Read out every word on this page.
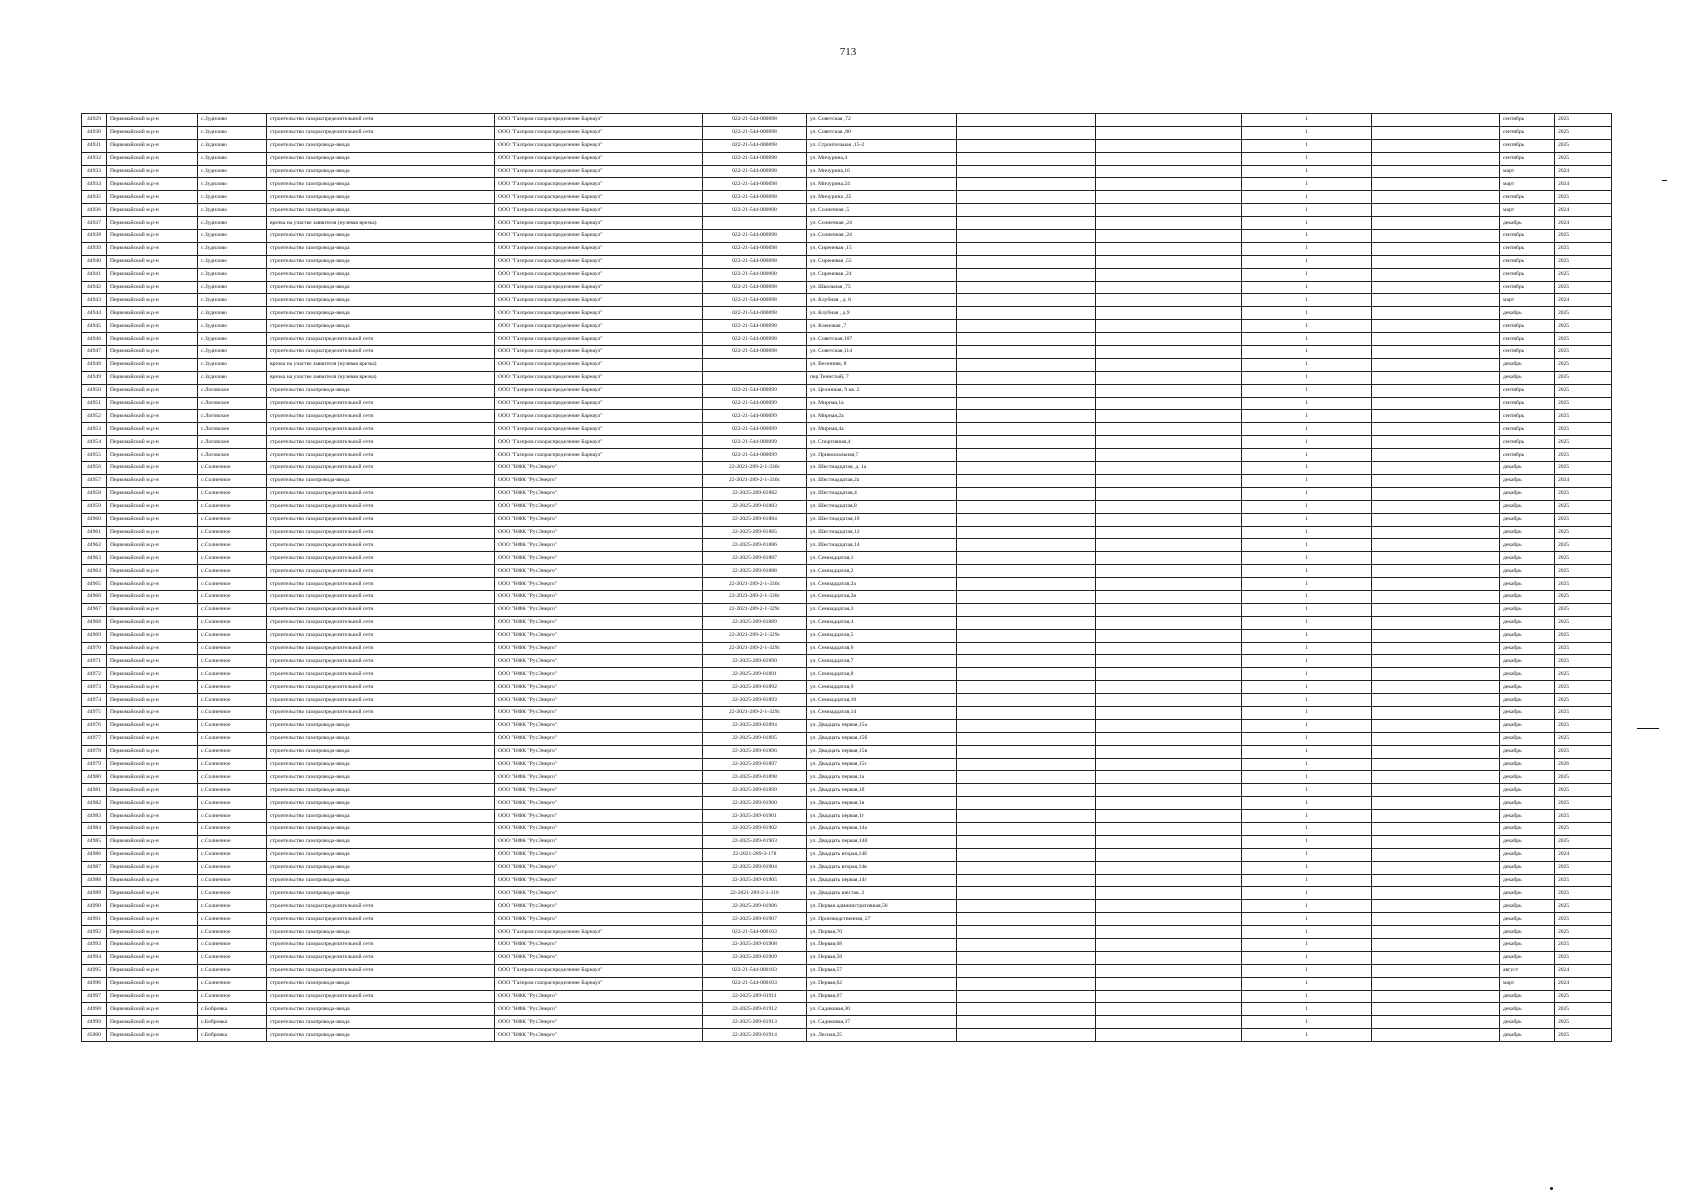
713
44929	Первомайский м.р-н	с.Зудилово	строительство газораспределительной сети	ООО "Газпром газораспределение Барнаул"	022-21-544-000098	ул. Советская ,72			1		сентябрь	2025
44930	Первомайский м.р-н	с.Зудилово	строительство газораспределительной сети	ООО "Газпром газораспределение Барнаул"	022-21-544-000098	ул. Советская ,80			1		сентябрь	2025
44931	Первомайский м.р-н	с.Зудилово	строительство газопровода-ввода	ООО "Газпром газораспределение Барнаул"	022-21-544-000098	ул. Строительная ,15-2			1		сентябрь	2025
44932	Первомайский м.р-н	с.Зудилово	строительство газопровода-ввода	ООО "Газпром газораспределение Барнаул"	022-21-544-000098	ул. Мичурина,4			1		сентябрь	2025
44933	Первомайский м.р-н	с.Зудилово	строительство газопровода-ввода	ООО "Газпром газораспределение Барнаул"	022-21-544-000098	ул. Мичурина,16			1		март	2024
44934	Первомайский м.р-н	с.Зудилово	строительство газопровода-ввода	ООО "Газпром газораспределение Барнаул"	022-21-544-000098	ул. Мичурина,24			1		март	2024
44935	Первомайский м.р-н	с.Зудилово	строительство газопровода-ввода	ООО "Газпром газораспределение Барнаул"	022-21-544-000098	ул. Мичурина ,35			1		сентябрь	2025
44936	Первомайский м.р-н	с.Зудилово	строительство газопровода-ввода	ООО "Газпром газораспределение Барнаул"	022-21-544-000098	ул. Солнечная ,5			1		март	2024
44937	Первомайский м.р-н	с.Зудилово	врезка на участке заявителя (нулевая врезка)	ООО "Газпром газораспределение Барнаул"		ул. Солнечная ,24			1		декабрь	2024
44938	Первомайский м.р-н	с.Зудилово	строительство газопровода-ввода	ООО "Газпром газораспределение Барнаул"	022-21-544-000098	ул. Солнечная ,24			1		сентябрь	2025
44939	Первомайский м.р-н	с.Зудилово	строительство газопровода-ввода	ООО "Газпром газораспределение Барнаул"	022-21-544-000098	ул. Сиреневая ,15			1		сентябрь	2025
44940	Первомайский м.р-н	с.Зудилово	строительство газопровода-ввода	ООО "Газпром газораспределение Барнаул"	022-21-544-000098	ул. Сиреневая ,55			1		сентябрь	2025
44941	Первомайский м.р-н	с.Зудилово	строительство газопровода-ввода	ООО "Газпром газораспределение Барнаул"	022-21-544-000098	ул. Сиреневая ,24			1		сентябрь	2025
44942	Первомайский м.р-н	с.Зудилово	строительство газопровода-ввода	ООО "Газпром газораспределение Барнаул"	022-21-544-000098	ул. Школьная ,75			1		сентябрь	2025
44943	Первомайский м.р-н	с.Зудилово	строительство газопровода-ввода	ООО "Газпром газораспределение Барнаул"	022-21-544-000098	ул. Клубная , д. 8			1		март	2024
44944	Первомайский м.р-н	с.Зудилово	строительство газопровода-ввода	ООО "Газпром газораспределение Барнаул"	022-21-544-000098	ул. Клубная , д.9			1		декабрь	2025
44945	Первомайский м.р-н	с.Зудилово	строительство газопровода-ввода	ООО "Газпром газораспределение Барнаул"	022-21-544-000098	ул. Кленовая ,7			1		сентябрь	2025
44946	Первомайский м.р-н	с.Зудилово	строительство газораспределительной сети	ООО "Газпром газораспределение Барнаул"	022-21-544-000098	ул. Советская,107			1		сентябрь	2025
44947	Первомайский м.р-н	с.Зудилово	строительство газораспределительной сети	ООО "Газпром газораспределение Барнаул"	022-21-544-000098	ул. Советская,114			1		сентябрь	2025
44948	Первомайский м.р-н	с.Зудилово	врезка на участке заявителя (нулевая врезка)	ООО "Газпром газораспределение Барнаул"		ул. Весенняя, 8			1		декабрь	2025
44949	Первомайский м.р-н	с.Зудилово	врезка на участке заявителя (нулевая врезка)	ООО "Газпром газораспределение Барнаул"		пер Тенистый, 7			1		декабрь	2025
44950	Первомайский м.р-н	с.Логовское	строительство газопровода-ввода	ООО "Газпром газораспределение Барнаул"	022-21-544-000099	ул. Целинная, 9 кв. 2			1		сентябрь	2025
44951	Первомайский м.р-н	с.Логовское	строительство газораспределительной сети	ООО "Газпром газораспределение Барнаул"	022-21-544-000099	ул. Мирная,1а			1		сентябрь	2025
44952	Первомайский м.р-н	с.Логовское	строительство газораспределительной сети	ООО "Газпром газораспределение Барнаул"	022-21-544-000099	ул. Мирная,2а			1		сентябрь	2025
44953	Первомайский м.р-н	с.Логовское	строительство газораспределительной сети	ООО "Газпром газораспределение Барнаул"	022-21-544-000099	ул. Мирная,4а			1		сентябрь	2025
44954	Первомайский м.р-н	с.Логовское	строительство газораспределительной сети	ООО "Газпром газораспределение Барнаул"	022-21-544-000099	ул. Спортивная,4			1		сентябрь	2025
44955	Первомайский м.р-н	с.Логовское	строительство газораспределительной сети	ООО "Газпром газораспределение Барнаул"	022-21-544-000099	ул. Привокзальная,7			1		сентябрь	2025
44956	Первомайский м.р-н	с.Солнечное	строительство газораспределительной сети	ООО "НФК "РусЭнерго"	22-2021-289-2-1-330с	ул. Шестнадцатая, д. 1а			1		декабрь	2025
44957	Первомайский м.р-н	с.Солнечное	строительство газопровода-ввода	ООО "НФК "РусЭнерго"	22-2021-289-2-1-330с	ул. Шестнадцатая,2а			1		декабрь	2024
44958	Первомайский м.р-н	с.Солнечное	строительство газораспределительной сети	ООО "НФК "РусЭнерго"	22-2025-289-01882	ул. Шестнадцатая,4			1		декабрь	2025
44959	Первомайский м.р-н	с.Солнечное	строительство газораспределительной сети	ООО "НФК "РусЭнерго"	22-2025-289-01883	ул. Шестнадцатая,8			1		декабрь	2025
44960	Первомайский м.р-н	с.Солнечное	строительство газораспределительной сети	ООО "НФК "РусЭнерго"	22-2025-289-01884	ул. Шестнадцатая,10			1		декабрь	2025
44961	Первомайский м.р-н	с.Солнечное	строительство газораспределительной сети	ООО "НФК "РусЭнерго"	22-2025-289-01885	ул. Шестнадцатая,12			1		декабрь	2025
44962	Первомайский м.р-н	с.Солнечное	строительство газораспределительной сети	ООО "НФК "РусЭнерго"	22-2025-289-01886	ул. Шестнадцатая,14			1		декабрь	2025
44963	Первомайский м.р-н	с.Солнечное	строительство газораспределительной сети	ООО "НФК "РусЭнерго"	22-2025-289-01887	ул. Семнадцатая,1			1		декабрь	2025
44964	Первомайский м.р-н	с.Солнечное	строительство газораспределительной сети	ООО "НФК "РусЭнерго"	22-2025-289-01888	ул. Семнадцатая,2			1		декабрь	2025
44965	Первомайский м.р-н	с.Солнечное	строительство газораспределительной сети	ООО "НФК "РусЭнерго"	22-2021-289-2-1-330с	ул. Семнадцатая,2а			1		декабрь	2025
44966	Первомайский м.р-н	с.Солнечное	строительство газораспределительной сети	ООО "НФК "РусЭнерго"	22-2021-289-2-1-330с	ул. Семнадцатая,2в			1		декабрь	2025
44967	Первомайский м.р-н	с.Солнечное	строительство газораспределительной сети	ООО "НФК "РусЭнерго"	22-2021-289-2-1-329с	ул. Семнадцатая,3			1		декабрь	2025
44968	Первомайский м.р-н	с.Солнечное	строительство газораспределительной сети	ООО "НФК "РусЭнерго"	22-2025-289-01889	ул. Семнадцатая,4			1		декабрь	2025
44969	Первомайский м.р-н	с.Солнечное	строительство газораспределительной сети	ООО "НФК "РусЭнерго"	22-2021-289-2-1-329с	ул. Семнадцатая,5			1		декабрь	2025
44970	Первомайский м.р-н	с.Солнечное	строительство газораспределительной сети	ООО "НФК "РусЭнерго"	22-2021-289-2-1-329с	ул. Семнадцатая,6			1		декабрь	2025
44971	Первомайский м.р-н	с.Солнечное	строительство газораспределительной сети	ООО "НФК "РусЭнерго"	22-2025-289-01890	ул. Семнадцатая,7			1		декабрь	2025
44972	Первомайский м.р-н	с.Солнечное	строительство газораспределительной сети	ООО "НФК "РусЭнерго"	22-2025-289-01891	ул. Семнадцатая,8			1		декабрь	2025
44973	Первомайский м.р-н	с.Солнечное	строительство газораспределительной сети	ООО "НФК "РусЭнерго"	22-2025-289-01892	ул. Семнадцатая,9			1		декабрь	2025
44974	Первомайский м.р-н	с.Солнечное	строительство газораспределительной сети	ООО "НФК "РусЭнерго"	22-2025-289-01893	ул. Семнадцатая,10			1		декабрь	2025
44975	Первомайский м.р-н	с.Солнечное	строительство газораспределительной сети	ООО "НФК "РусЭнерго"	22-2021-289-2-1-329с	ул. Семнадцатая,14			1		декабрь	2025
44976	Первомайский м.р-н	с.Солнечное	строительство газопровода-ввода	ООО "НФК "РусЭнерго"	22-2025-289-01894	ул. Двадцать первая,15а			1		декабрь	2025
44977	Первомайский м.р-н	с.Солнечное	строительство газопровода-ввода	ООО "НФК "РусЭнерго"	22-2025-289-01895	ул. Двадцать первая,15б			1		декабрь	2025
44978	Первомайский м.р-н	с.Солнечное	строительство газопровода-ввода	ООО "НФК "РусЭнерго"	22-2025-289-01896	ул. Двадцать первая,15в			1		декабрь	2025
44979	Первомайский м.р-н	с.Солнечное	строительство газопровода-ввода	ООО "НФК "РусЭнерго"	22-2025-289-01897	ул. Двадцать первая,15г			1		декабрь	2026
44980	Первомайский м.р-н	с.Солнечное	строительство газопровода-ввода	ООО "НФК "РусЭнерго"	22-2025-289-01898	ул. Двадцать первая,1а			1		декабрь	2025
44981	Первомайский м.р-н	с.Солнечное	строительство газопровода-ввода	ООО "НФК "РусЭнерго"	22-2025-289-01899	ул. Двадцать первая,1б			1		декабрь	2025
44982	Первомайский м.р-н	с.Солнечное	строительство газопровода-ввода	ООО "НФК "РусЭнерго"	22-2025-289-01900	ул. Двадцать первая,1в			1		декабрь	2025
44983	Первомайский м.р-н	с.Солнечное	строительство газопровода-ввода	ООО "НФК "РусЭнерго"	22-2025-289-01901	ул. Двадцать первая,1г			1		декабрь	2025
44984	Первомайский м.р-н	с.Солнечное	строительство газопровода-ввода	ООО "НФК "РусЭнерго"	22-2025-289-01902	ул. Двадцать первая,14а			1		декабрь	2025
44985	Первомайский м.р-н	с.Солнечное	строительство газопровода-ввода	ООО "НФК "РусЭнерго"	22-2025-289-01903	ул. Двадцать первая,14б			1		декабрь	2025
44986	Первомайский м.р-н	с.Солнечное	строительство газопровода-ввода	ООО "НФК "РусЭнерго"	22-2021-289-3-178	ул. Двадцать вторая,14б			1		декабрь	2024
44987	Первомайский м.р-н	с.Солнечное	строительство газопровода-ввода	ООО "НФК "РусЭнерго"	22-2025-289-01904	ул. Двадцать вторая,14в			1		декабрь	2025
44988	Первомайский м.р-н	с.Солнечное	строительство газопровода-ввода	ООО "НФК "РусЭнерго"	22-2025-289-01905	ул. Двадцать первая,14г			1		декабрь	2025
44989	Первомайский м.р-н	с.Солнечное	строительство газопровода-ввода	ООО "НФК "РусЭнерго"	22-2021-289-2-1-316	ул. Двадцать шестая, 2			1		декабрь	2025
44990	Первомайский м.р-н	с.Солнечное	строительство газораспределительной сети	ООО "НФК "РусЭнерго"	22-2025-289-01906	ул. Первая административная,56			1		декабрь	2025
44991	Первомайский м.р-н	с.Солнечное	строительство газораспределительной сети	ООО "НФК "РусЭнерго"	22-2025-289-01907	ул. Производственная, 27			1		декабрь	2025
44992	Первомайский м.р-н	с.Солнечное	строительство газопровода-ввода	ООО "Газпром газораспределение Барнаул"	022-21-544-000103	ул. Первая,70			1		декабрь	2025
44993	Первомайский м.р-н	с.Солнечное	строительство газораспределительной сети	ООО "НФК "РусЭнерго"	22-2025-289-01908	ул. Первая,68			1		декабрь	2025
44994	Первомайский м.р-н	с.Солнечное	строительство газораспределительной сети	ООО "НФК "РусЭнерго"	22-2025-289-01909	ул. Первая,58			1		декабрь	2025
44995	Первомайский м.р-н	с.Солнечное	строительство газораспределительной сети	ООО "Газпром газораспределение Барнаул"	022-21-544-000103	ул. Первая,57			1		август	2024
44996	Первомайский м.р-н	с.Солнечное	строительство газопровода-ввода	ООО "Газпром газораспределение Барнаул"	022-21-544-000103	ул. Первая,62			1		март	2024
44997	Первомайский м.р-н	с.Солнечное	строительство газораспределительной сети	ООО "НФК "РусЭнерго"	22-2025-289-01911	ул. Первая,67			1		декабрь	2025
44998	Первомайский м.р-н	с.Бобровка	строительство газопровода-ввода	ООО "НФК "РусЭнерго"	22-2025-289-01912	ул. Садиковая,30			1		декабрь	2025
44999	Первомайский м.р-н	с.Бобровка	строительство газопровода-ввода	ООО "НФК "РусЭнерго"	22-2025-289-01913	ул. Садиковая,37			1		декабрь	2025
45000	Первомайский м.р-н	с.Бобровка	строительство газопровода-ввода	ООО "НФК "РусЭнерго"	22-2025-289-01914	ул. Лесная,25			1		декабрь	2025
